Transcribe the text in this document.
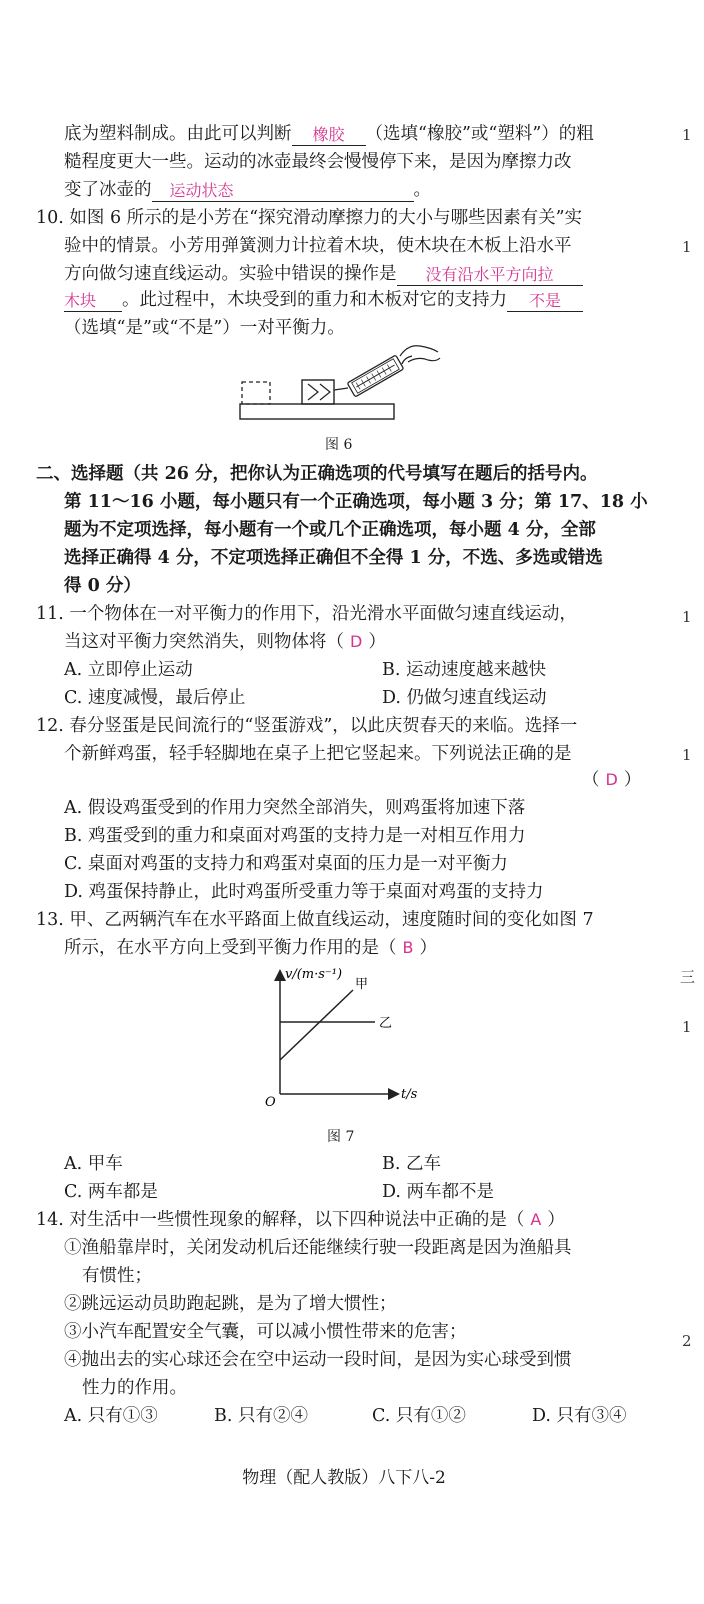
底为塑料制成。由此可以判断 橡胶 （选填“橡胶”或“塑料”）的粗
糙程度更大一些。运动的冰壶最终会慢慢停下来，是因为摩擦力改
变了冰壶的 运动状态	。
10. 如图 6 所示的是小芳在“探究滑动摩擦力的大小与哪些因素有关”实
验中的情景。小芳用弹簧测力计拉着木块，使木块在木板上沿水平
方向做匀速直线运动。实验中错误的操作是 没有沿水平方向拉
木块 。此过程中，木块受到的重力和木板对它的支持力 不是
（选填“是”或“不是”）一对平衡力。
图 6
二、选择题（共 26 分，把你认为正确选项的代号填写在题后的括号内。
第 11～16 小题，每小题只有一个正确选项，每小题 3 分；第 17、18 小
题为不定项选择，每小题有一个或几个正确选项，每小题 4 分，全部
选择正确得 4 分，不定项选择正确但不全得 1 分，不选、多选或错选
得 0 分）
11. 一个物体在一对平衡力的作用下，沿光滑水平面做匀速直线运动，
当这对平衡力突然消失，则物体将（ D ）
A. 立即停止运动	B. 运动速度越来越快
C. 速度减慢，最后停止	D. 仍做匀速直线运动
12. 春分竖蛋是民间流行的“竖蛋游戏”，以此庆贺春天的来临。选择一
个新鲜鸡蛋，轻手轻脚地在桌子上把它竖起来。下列说法正确的是
（ D ）
A. 假设鸡蛋受到的作用力突然全部消失，则鸡蛋将加速下落
B. 鸡蛋受到的重力和桌面对鸡蛋的支持力是一对相互作用力
C. 桌面对鸡蛋的支持力和鸡蛋对桌面的压力是一对平衡力
D. 鸡蛋保持静止，此时鸡蛋所受重力等于桌面对鸡蛋的支持力
13. 甲、乙两辆汽车在水平路面上做直线运动，速度随时间的变化如图 7
所示，在水平方向上受到平衡力作用的是（ B ）
v/(m·s⁻¹)
t/s
O
甲
乙
图 7
A. 甲车	B. 乙车
C. 两车都是	D. 两车都不是
14. 对生活中一些惯性现象的解释，以下四种说法中正确的是（ A ）
①渔船靠岸时，关闭发动机后还能继续行驶一段距离是因为渔船具
有惯性；
②跳远运动员助跑起跳，是为了增大惯性；
③小汽车配置安全气囊，可以减小惯性带来的危害；
④抛出去的实心球还会在空中运动一段时间，是因为实心球受到惯
性力的作用。
A. 只有①③	B. 只有②④	C. 只有①②	D. 只有③④
物理（配人教版）八下八-2
1
1
1
1
三
1
2
